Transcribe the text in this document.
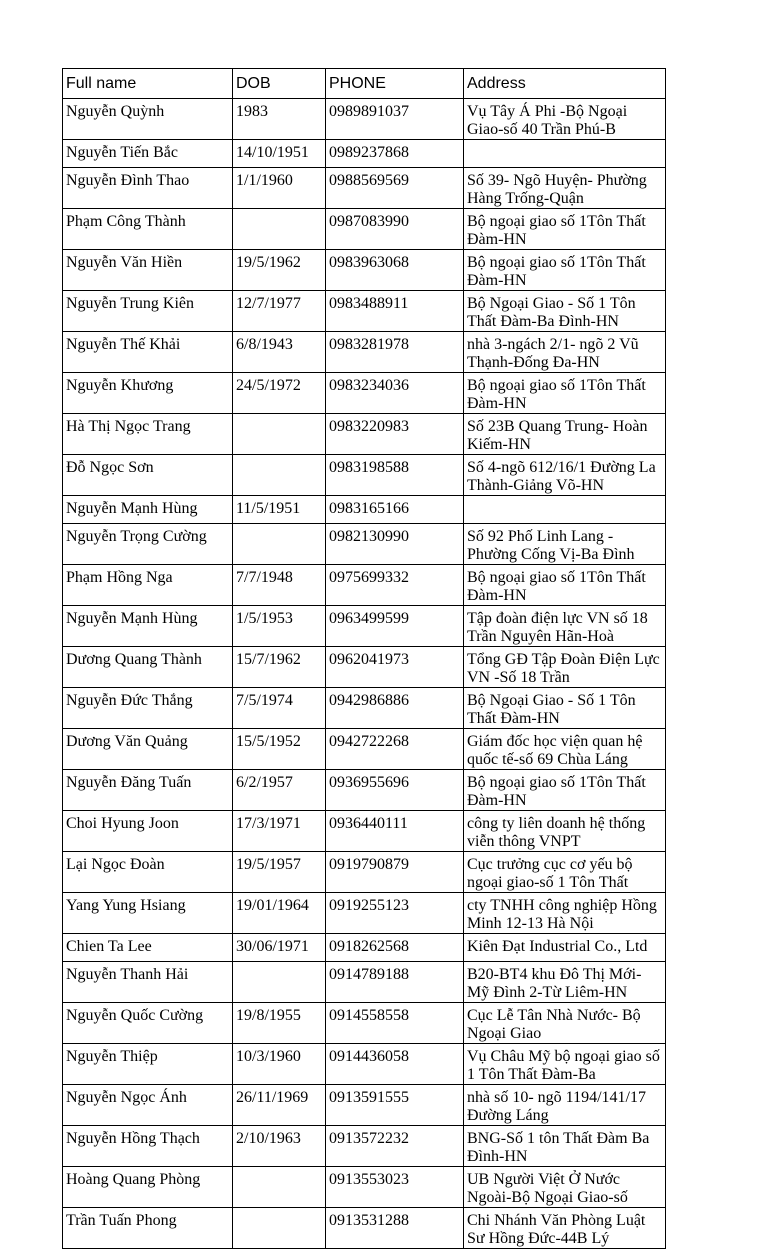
Full name	DOB	PHONE	Address
Nguyễn Quỳnh	1983	0989891037	Vụ Tây Á Phi -Bộ Ngoại Giao-số 40 Trần Phú-B
Nguyễn Tiến Bắc	14/10/1951	0989237868	
Nguyễn Đình Thao	1/1/1960	0988569569	Số 39- Ngõ Huyện- Phường Hàng Trống-Quận
Phạm Công Thành		0987083990	Bộ ngoại giao số 1Tôn Thất Đàm-HN
Nguyễn Văn Hiền	19/5/1962	0983963068	Bộ ngoại giao số 1Tôn Thất Đàm-HN
Nguyễn Trung Kiên	12/7/1977	0983488911	Bộ Ngoại Giao - Số 1 Tôn Thất Đàm-Ba Đình-HN
Nguyễn Thế Khải	6/8/1943	0983281978	nhà 3-ngách 2/1- ngõ 2 Vũ Thạnh-Đống Đa-HN
Nguyễn Khương	24/5/1972	0983234036	Bộ ngoại giao số 1Tôn Thất Đàm-HN
Hà Thị Ngọc Trang		0983220983	Số 23B Quang Trung- Hoàn Kiếm-HN
Đỗ Ngọc Sơn		0983198588	Số 4-ngõ 612/16/1 Đường La Thành-Giảng Võ-HN
Nguyễn Mạnh Hùng	11/5/1951	0983165166	
Nguyễn Trọng Cường		0982130990	Số 92 Phố Linh Lang - Phường Cống Vị-Ba Đình
Phạm Hồng Nga	7/7/1948	0975699332	Bộ ngoại giao số 1Tôn Thất Đàm-HN
Nguyễn Mạnh Hùng	1/5/1953	0963499599	Tập đoàn điện lực VN số 18 Trần Nguyên Hãn-Hoà
Dương Quang Thành	15/7/1962	0962041973	Tổng GĐ Tập Đoàn Điện Lực VN -Số 18 Trần
Nguyễn Đức Thắng	7/5/1974	0942986886	Bộ Ngoại Giao - Số 1 Tôn Thất Đàm-HN
Dương Văn Quảng	15/5/1952	0942722268	Giám đốc học viện quan hệ quốc tế-số 69 Chùa Láng
Nguyễn Đăng Tuấn	6/2/1957	0936955696	Bộ ngoại giao số 1Tôn Thất Đàm-HN
Choi Hyung Joon	17/3/1971	0936440111	công ty liên doanh hệ thống viễn thông VNPT
Lại Ngọc Đoàn	19/5/1957	0919790879	Cục trưởng cục cơ yếu bộ ngoại giao-số 1 Tôn Thất
Yang Yung Hsiang	19/01/1964	0919255123	cty TNHH công nghiệp Hồng Minh 12-13 Hà Nội
Chien Ta Lee	30/06/1971	0918262568	Kiên Đạt Industrial Co., Ltd
Nguyễn Thanh Hải		0914789188	B20-BT4 khu Đô Thị Mới-Mỹ Đình 2-Từ Liêm-HN
Nguyễn Quốc Cường	19/8/1955	0914558558	Cục Lễ Tân Nhà Nước- Bộ Ngoại Giao
Nguyễn Thiệp	10/3/1960	0914436058	Vụ Châu Mỹ bộ ngoại giao số 1 Tôn Thất Đàm-Ba
Nguyễn Ngọc Ánh	26/11/1969	0913591555	nhà số 10- ngõ 1194/141/17 Đường Láng
Nguyễn Hồng Thạch	2/10/1963	0913572232	BNG-Số 1 tôn Thất Đàm Ba Đình-HN
Hoàng Quang Phòng		0913553023	UB Người Việt Ở Nước Ngoài-Bộ Ngoại Giao-số
Trần Tuấn Phong		0913531288	Chi Nhánh Văn Phòng Luật Sư Hồng Đức-44B Lý
